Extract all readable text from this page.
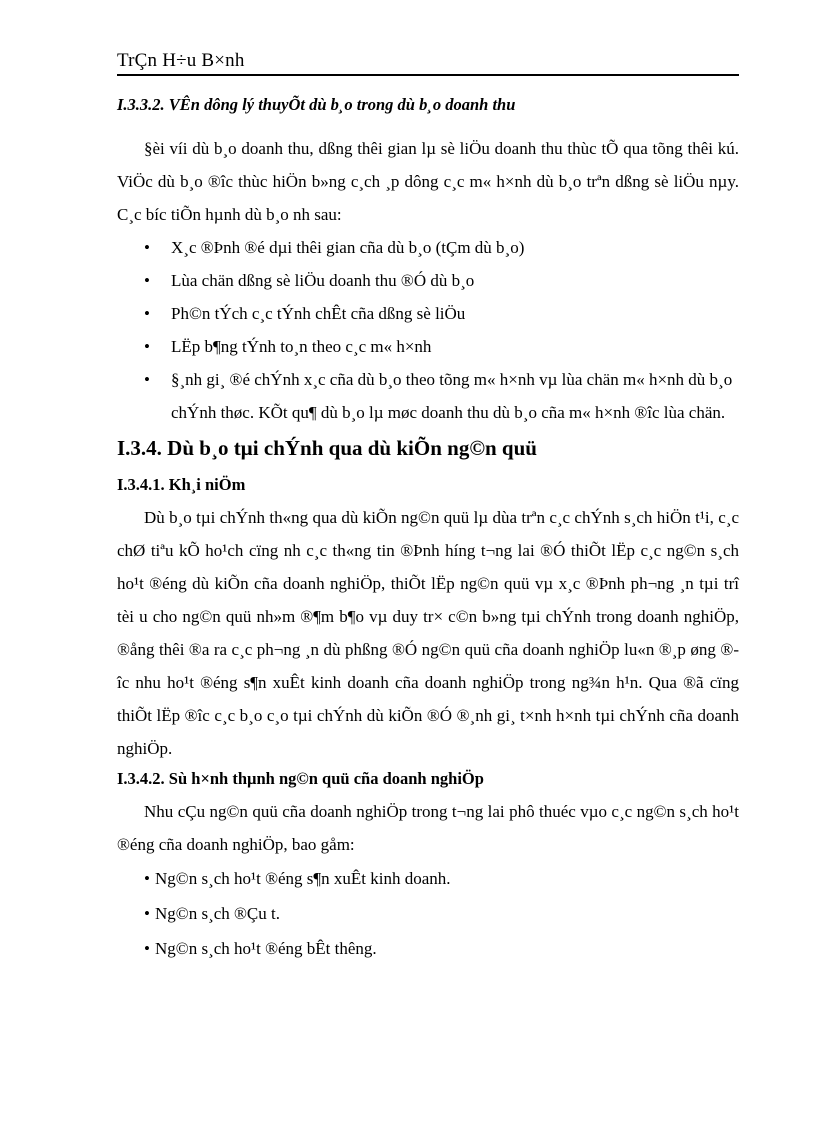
TrÇn H÷u B×nh

I.3.3.2. VÊn dông lý thuyÕt dù b¸o trong dù b¸o doanh thu

§èi víi dù b¸o doanh thu, dßng thêi gian lµ sè liÖu doanh thu thùc tÕ qua tõng thêi kú. ViÖc dù b¸o ®îc thùc hiÖn b»ng c¸ch ¸p dông c¸c m« h×nh dù b¸o trªn dßng sè liÖu nµy. C¸c bíc tiÕn hµnh dù b¸o nh sau:

• X¸c ®Þnh ®é dµi thêi gian cña dù b¸o (tÇm dù b¸o)
• Lùa chän dßng sè liÖu doanh thu ®Ó dù b¸o
• Ph©n tÝch c¸c tÝnh chÊt cña dßng sè liÖu
• LËp b¶ng tÝnh to¸n theo c¸c m« h×nh
• §¸nh gi¸ ®é chÝnh x¸c cña dù b¸o theo tõng m« h×nh vµ lùa chän m« h×nh dù b¸o chÝnh thøc. KÕt qu¶ dù b¸o lµ møc doanh thu dù b¸o cña m« h×nh ®îc lùa chän.

I.3.4. Dù b¸o tµi chÝnh qua dù kiÕn ng©n quü

I.3.4.1. Kh¸i niÖm

Dù b¸o tµi chÝnh th«ng qua dù kiÕn ng©n quü lµ dùa trªn c¸c chÝnh s¸ch hiÖn t¹i, c¸c chØ tiªu kÕ ho¹ch cïng nh c¸c th«ng tin ®Þnh híng t¬ng lai ®Ó thiÕt lËp c¸c ng©n s¸ch ho¹t ®éng dù kiÕn cña doanh nghiÖp, thiÕt lËp ng©n quü vµ x¸c ®Þnh ph¬ng ¸n tµi trî tèi u cho ng©n quü nh»m ®¶m b¶o vµ duy tr× c©n b»ng tµi chÝnh trong doanh nghiÖp, ®ång thêi ®a ra c¸c ph¬ng ¸n dù phßng ®Ó ng©n quü cña doanh nghiÖp lu«n ®¸p øng ®îc nhu ho¹t ®éng s¶n xuÊt kinh doanh cña doanh nghiÖp trong ng¾n h¹n. Qua ®ã cïng thiÕt lËp ®îc c¸c b¸o c¸o tµi chÝnh dù kiÕn ®Ó ®¸nh gi¸ t×nh h×nh tµi chÝnh cña doanh nghiÖp.

I.3.4.2. Sù h×nh thµnh ng©n quü cña doanh nghiÖp

Nhu cÇu ng©n quü cña doanh nghiÖp trong t¬ng lai phô thuéc vµo c¸c ng©n s¸ch ho¹t ®éng cña doanh nghiÖp, bao gåm:

• Ng©n s¸ch ho¹t ®éng s¶n xuÊt kinh doanh.
• Ng©n s¸ch ®Çu t.
• Ng©n s¸ch ho¹t ®éng bÊt thêng.
